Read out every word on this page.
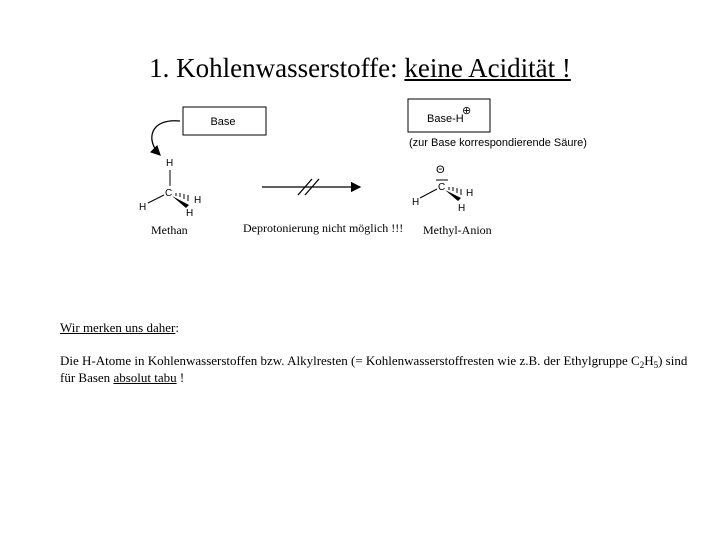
1. Kohlenwasserstoffe: keine Acidität !
Base
H
C
H
H
H
Methan	Deprotonierung nicht möglich !!!
Base-H
⊕
(zur Base korrespondierende Säure)
Θ
C
H
H
H
Methyl-Anion
Wir merken uns daher:
Die H-Atome in Kohlenwasserstoffen bzw. Alkylresten (= Kohlenwasserstoffresten wie z.B. der Ethylgruppe $C_2H_5$) sind für Basen absolut tabu !
